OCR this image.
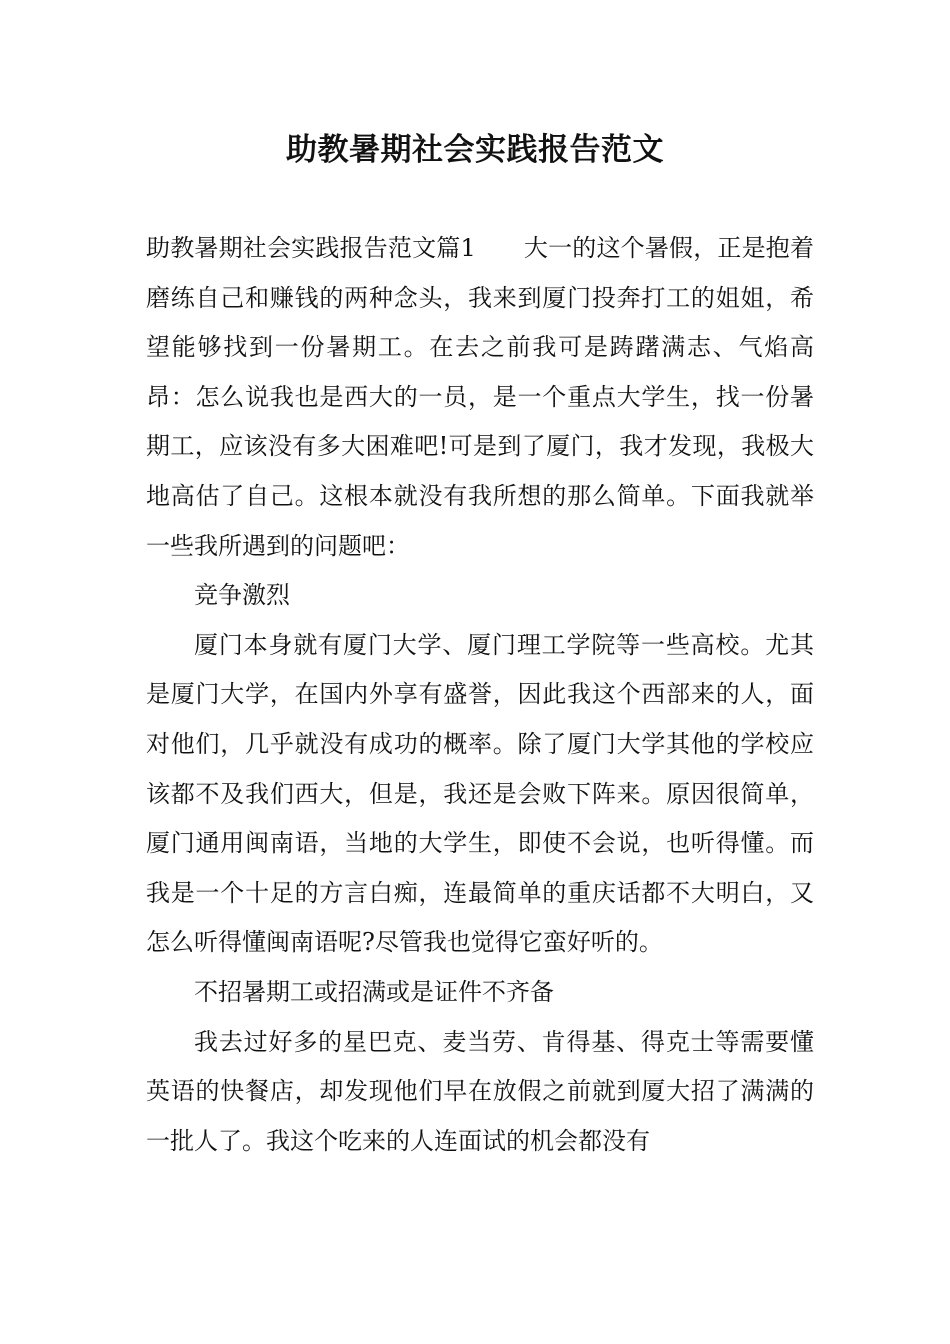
助教暑期社会实践报告范文

助教暑期社会实践报告范文篇1 大一的这个暑假，正是抱着磨练自己和赚钱的两种念头，我来到厦门投奔打工的姐姐，希望能够找到一份暑期工。在去之前我可是踌躇满志、气焰高昂：怎么说我也是西大的一员，是一个重点大学生，找一份暑期工，应该没有多大困难吧!可是到了厦门，我才发现，我极大地高估了自己。这根本就没有我所想的那么简单。下面我就举一些我所遇到的问题吧：

竞争激烈

厦门本身就有厦门大学、厦门理工学院等一些高校。尤其是厦门大学，在国内外享有盛誉，因此我这个西部来的人，面对他们，几乎就没有成功的概率。除了厦门大学其他的学校应该都不及我们西大，但是，我还是会败下阵来。原因很简单，厦门通用闽南语，当地的大学生，即使不会说，也听得懂。而我是一个十足的方言白痴，连最简单的重庆话都不大明白，又怎么听得懂闽南语呢?尽管我也觉得它蛮好听的。

不招暑期工或招满或是证件不齐备

我去过好多的星巴克、麦当劳、肯得基、得克士等需要懂英语的快餐店，却发现他们早在放假之前就到厦大招了满满的一批人了。我这个吃来的人连面试的机会都没有
